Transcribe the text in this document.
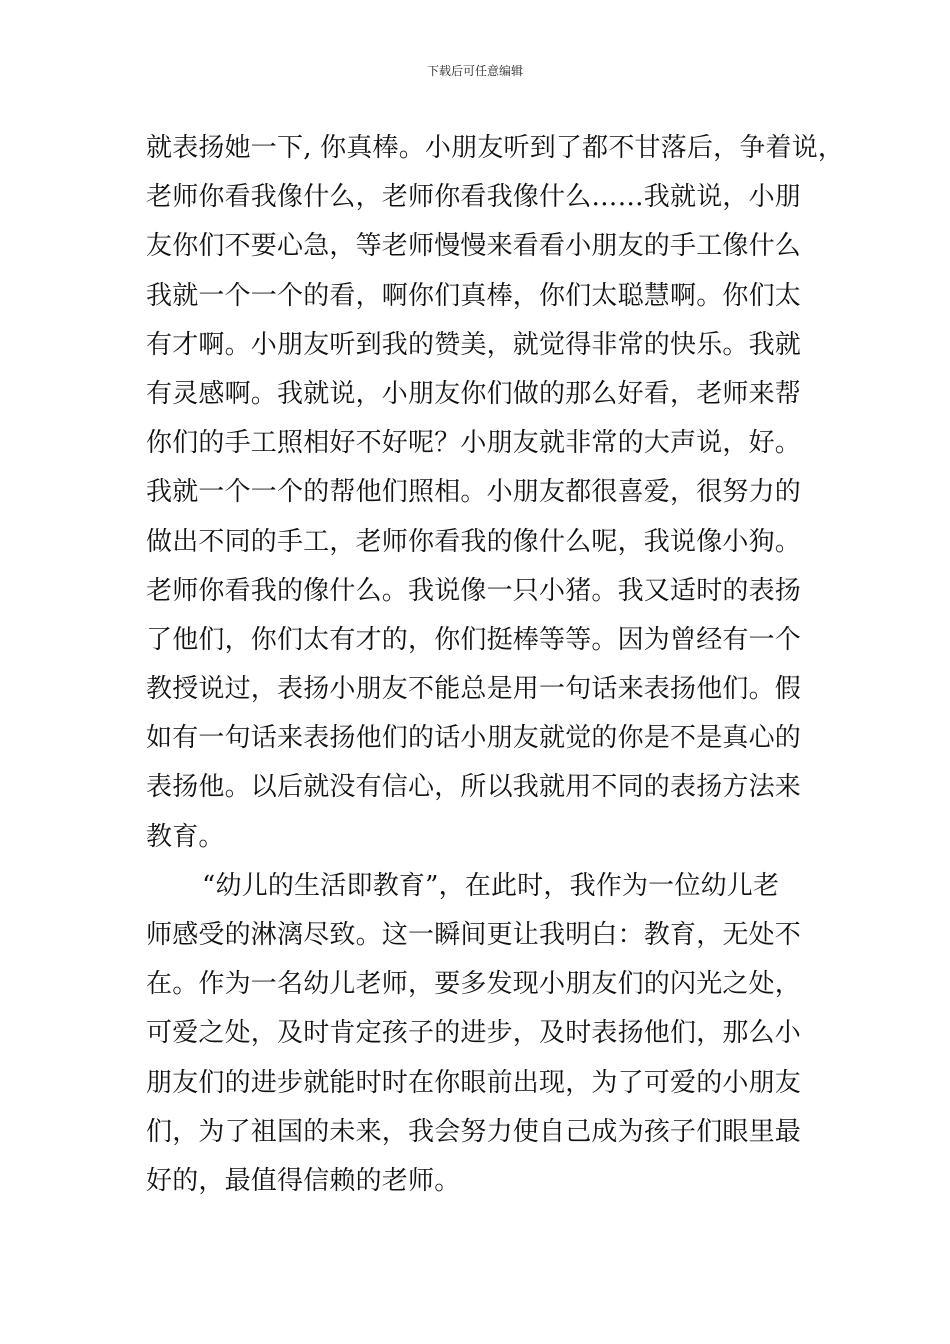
下载后可任意编辑
就表扬她一下, 你真棒。小朋友听到了都不甘落后，争着说，
老师你看我像什么，老师你看我像什么……我就说，小朋
友你们不要心急，等老师慢慢来看看小朋友的手工像什么
我就一个一个的看，啊你们真棒，你们太聪慧啊。你们太
有才啊。小朋友听到我的赞美，就觉得非常的快乐。我就
有灵感啊。我就说，小朋友你们做的那么好看，老师来帮
你们的手工照相好不好呢？小朋友就非常的大声说，好。
我就一个一个的帮他们照相。小朋友都很喜爱，很努力的
做出不同的手工，老师你看我的像什么呢，我说像小狗。
老师你看我的像什么。我说像一只小猪。我又适时的表扬
了他们，你们太有才的，你们挺棒等等。因为曾经有一个
教授说过，表扬小朋友不能总是用一句话来表扬他们。假
如有一句话来表扬他们的话小朋友就觉的你是不是真心的
表扬他。以后就没有信心，所以我就用不同的表扬方法来
教育。
“幼儿的生活即教育”，在此时，我作为一位幼儿老
师感受的淋漓尽致。这一瞬间更让我明白：教育，无处不
在。作为一名幼儿老师，要多发现小朋友们的闪光之处，
可爱之处，及时肯定孩子的进步，及时表扬他们，那么小
朋友们的进步就能时时在你眼前出现，为了可爱的小朋友
们，为了祖国的未来，我会努力使自己成为孩子们眼里最
好的，最值得信赖的老师。
